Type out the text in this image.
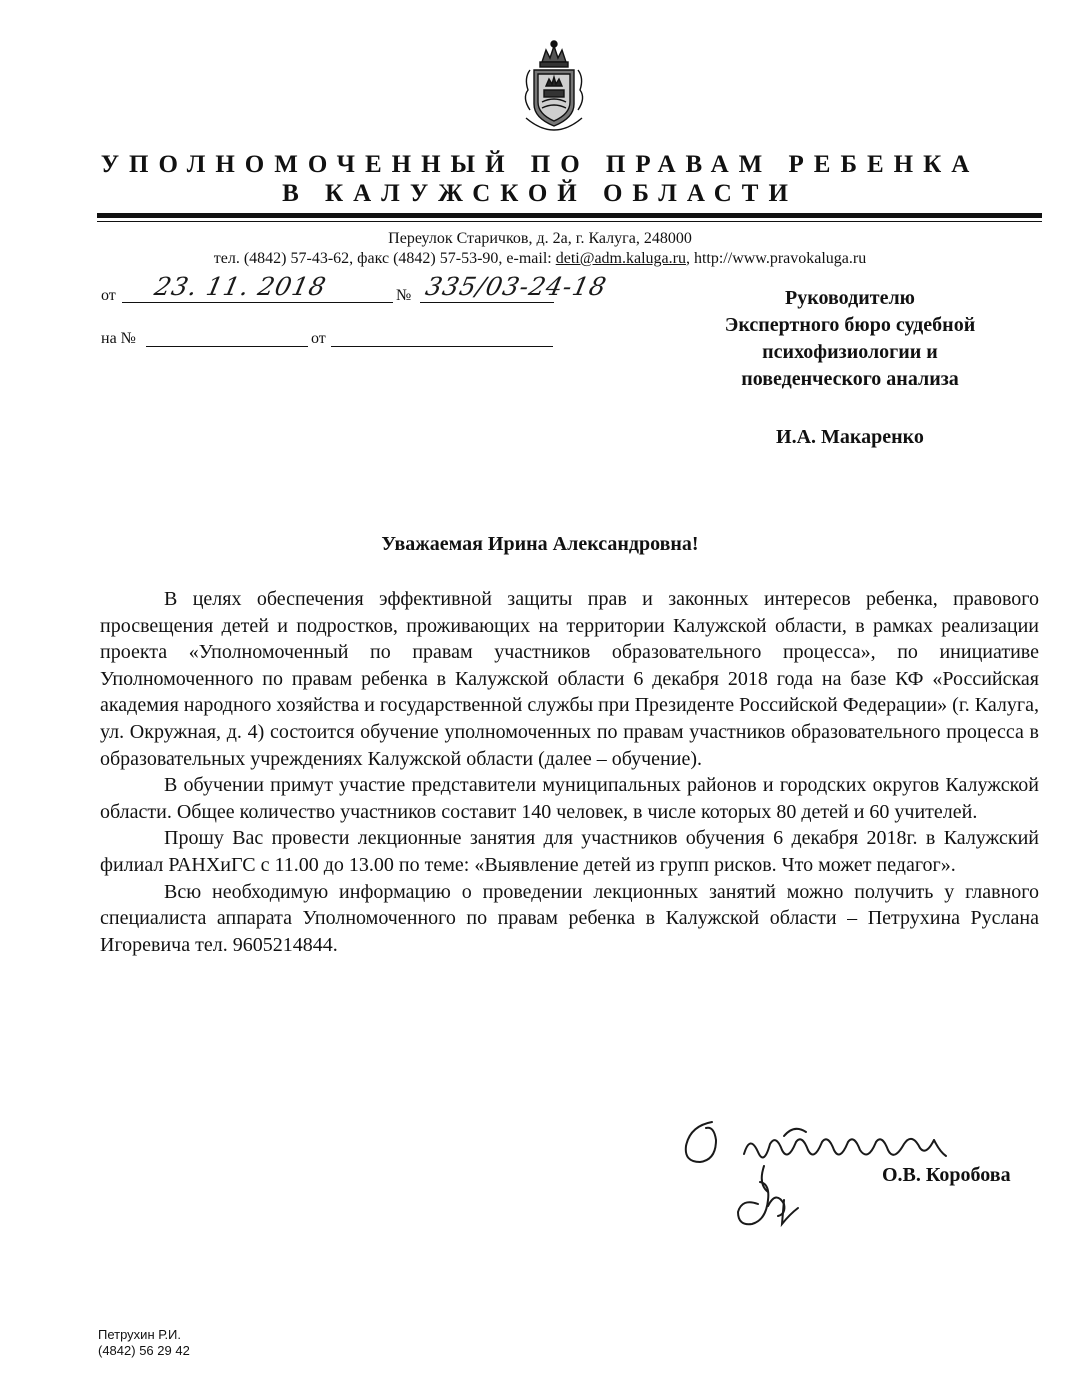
УПОЛНОМОЧЕННЫЙ ПО ПРАВАМ РЕБЕНКА
В КАЛУЖСКОЙ ОБЛАСТИ
Переулок Старичков, д. 2а, г. Калуга, 248000
тел. (4842) 57-43-62, факс (4842) 57-53-90, e-mail: deti@adm.kaluga.ru, http://www.pravokaluga.ru
от 23. 11. 2018	№ 335/03-24-18
на №	от
Руководителю
Экспертного бюро судебной
психофизиологии и
поведенческого анализа
И.А. Макаренко
Уважаемая Ирина Александровна!

В целях обеспечения эффективной защиты прав и законных интересов ребенка, правового просвещения детей и подростков, проживающих на территории Калужской области, в рамках реализации проекта «Уполномоченный по правам участников образовательного процесса», по инициативе Уполномоченного по правам ребенка в Калужской области 6 декабря 2018 года на базе КФ «Российская академия народного хозяйства и государственной службы при Президенте Российской Федерации» (г. Калуга, ул. Окружная, д. 4) состоится обучение уполномоченных по правам участников образовательного процесса в образовательных учреждениях Калужской области (далее – обучение).

В обучении примут участие представители муниципальных районов и городских округов Калужской области. Общее количество участников составит 140 человек, в числе которых 80 детей и 60 учителей.

Прошу Вас провести лекционные занятия для участников обучения 6 декабря 2018г. в Калужский филиал РАНХиГС с 11.00 до 13.00 по теме: «Выявление детей из групп рисков. Что может педагог».

Всю необходимую информацию о проведении лекционных занятий можно получить у главного специалиста аппарата Уполномоченного по правам ребенка в Калужской области – Петрухина Руслана Игоревича тел. 9605214844.

О.В. Коробова
Петрухин Р.И.
(4842) 56 29 42
